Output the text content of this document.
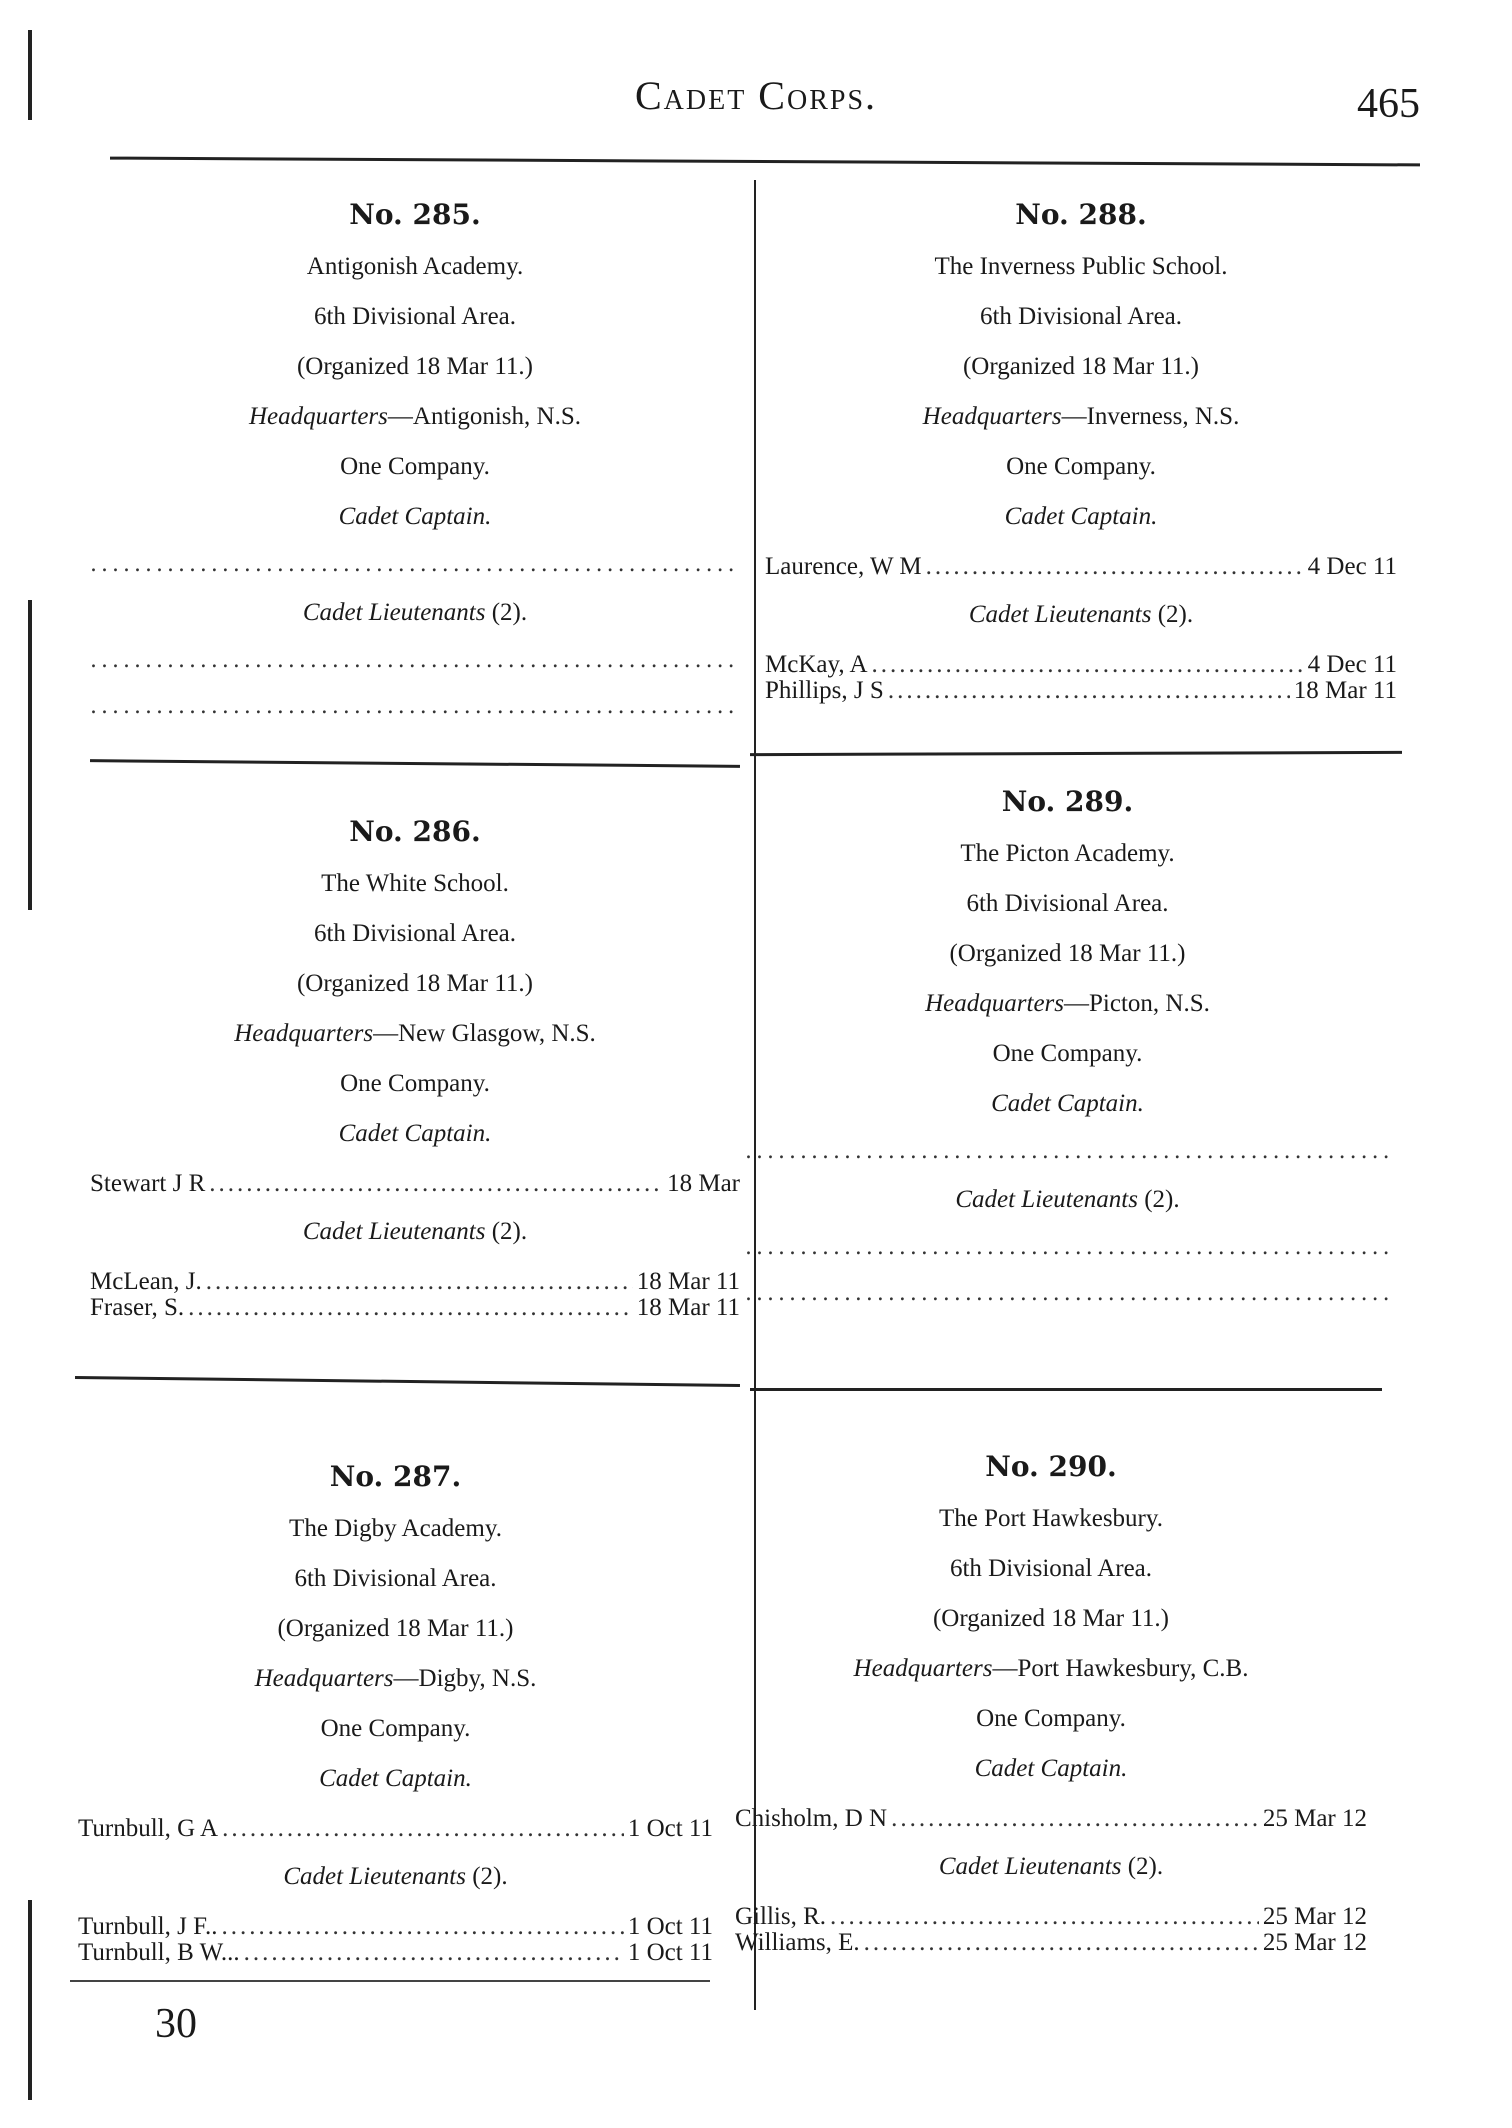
Cadet Corps.	465
No. 285.
Antigonish Academy.
6th Divisional Area.
(Organized 18 Mar 11.)
Headquarters—Antigonish, N.S.
One Company.
Cadet Captain.
.....
Cadet Lieutenants (2).
.....
.....
No. 286.
The White School.
6th Divisional Area.
(Organized 18 Mar 11.)
Headquarters—New Glasgow, N.S.
One Company.
Cadet Captain.
Stewart J R .....	18 Mar
Cadet Lieutenants (2).
McLean, J. .....	18 Mar 11
Fraser, S. .....	18 Mar 11
No. 287.
The Digby Academy.
6th Divisional Area.
(Organized 18 Mar 11.)
Headquarters—Digby, N.S.
One Company.
Cadet Captain.
Turnbull, G A .....	1 Oct 11
Cadet Lieutenants (2).
Turnbull, J F.. .....	1 Oct 11
Turnbull, B W... .....	1 Oct 11
No. 288.
The Inverness Public School.
6th Divisional Area.
(Organized 18 Mar 11.)
Headquarters—Inverness, N.S.
One Company.
Cadet Captain.
Laurence, W M .....	4 Dec 11
Cadet Lieutenants (2).
McKay, A .....	4 Dec 11
Phillips, J S .....	18 Mar 11
No. 289.
The Picton Academy.
6th Divisional Area.
(Organized 18 Mar 11.)
Headquarters—Picton, N.S.
One Company.
Cadet Captain.
.....
Cadet Lieutenants (2).
.....
.....
No. 290.
The Port Hawkesbury.
6th Divisional Area.
(Organized 18 Mar 11.)
Headquarters—Port Hawkesbury, C.B.
One Company.
Cadet Captain.
Chisholm, D N .....	25 Mar 12
Cadet Lieutenants (2).
Gillis, R. .....	25 Mar 12
Williams, E. .....	25 Mar 12
30
